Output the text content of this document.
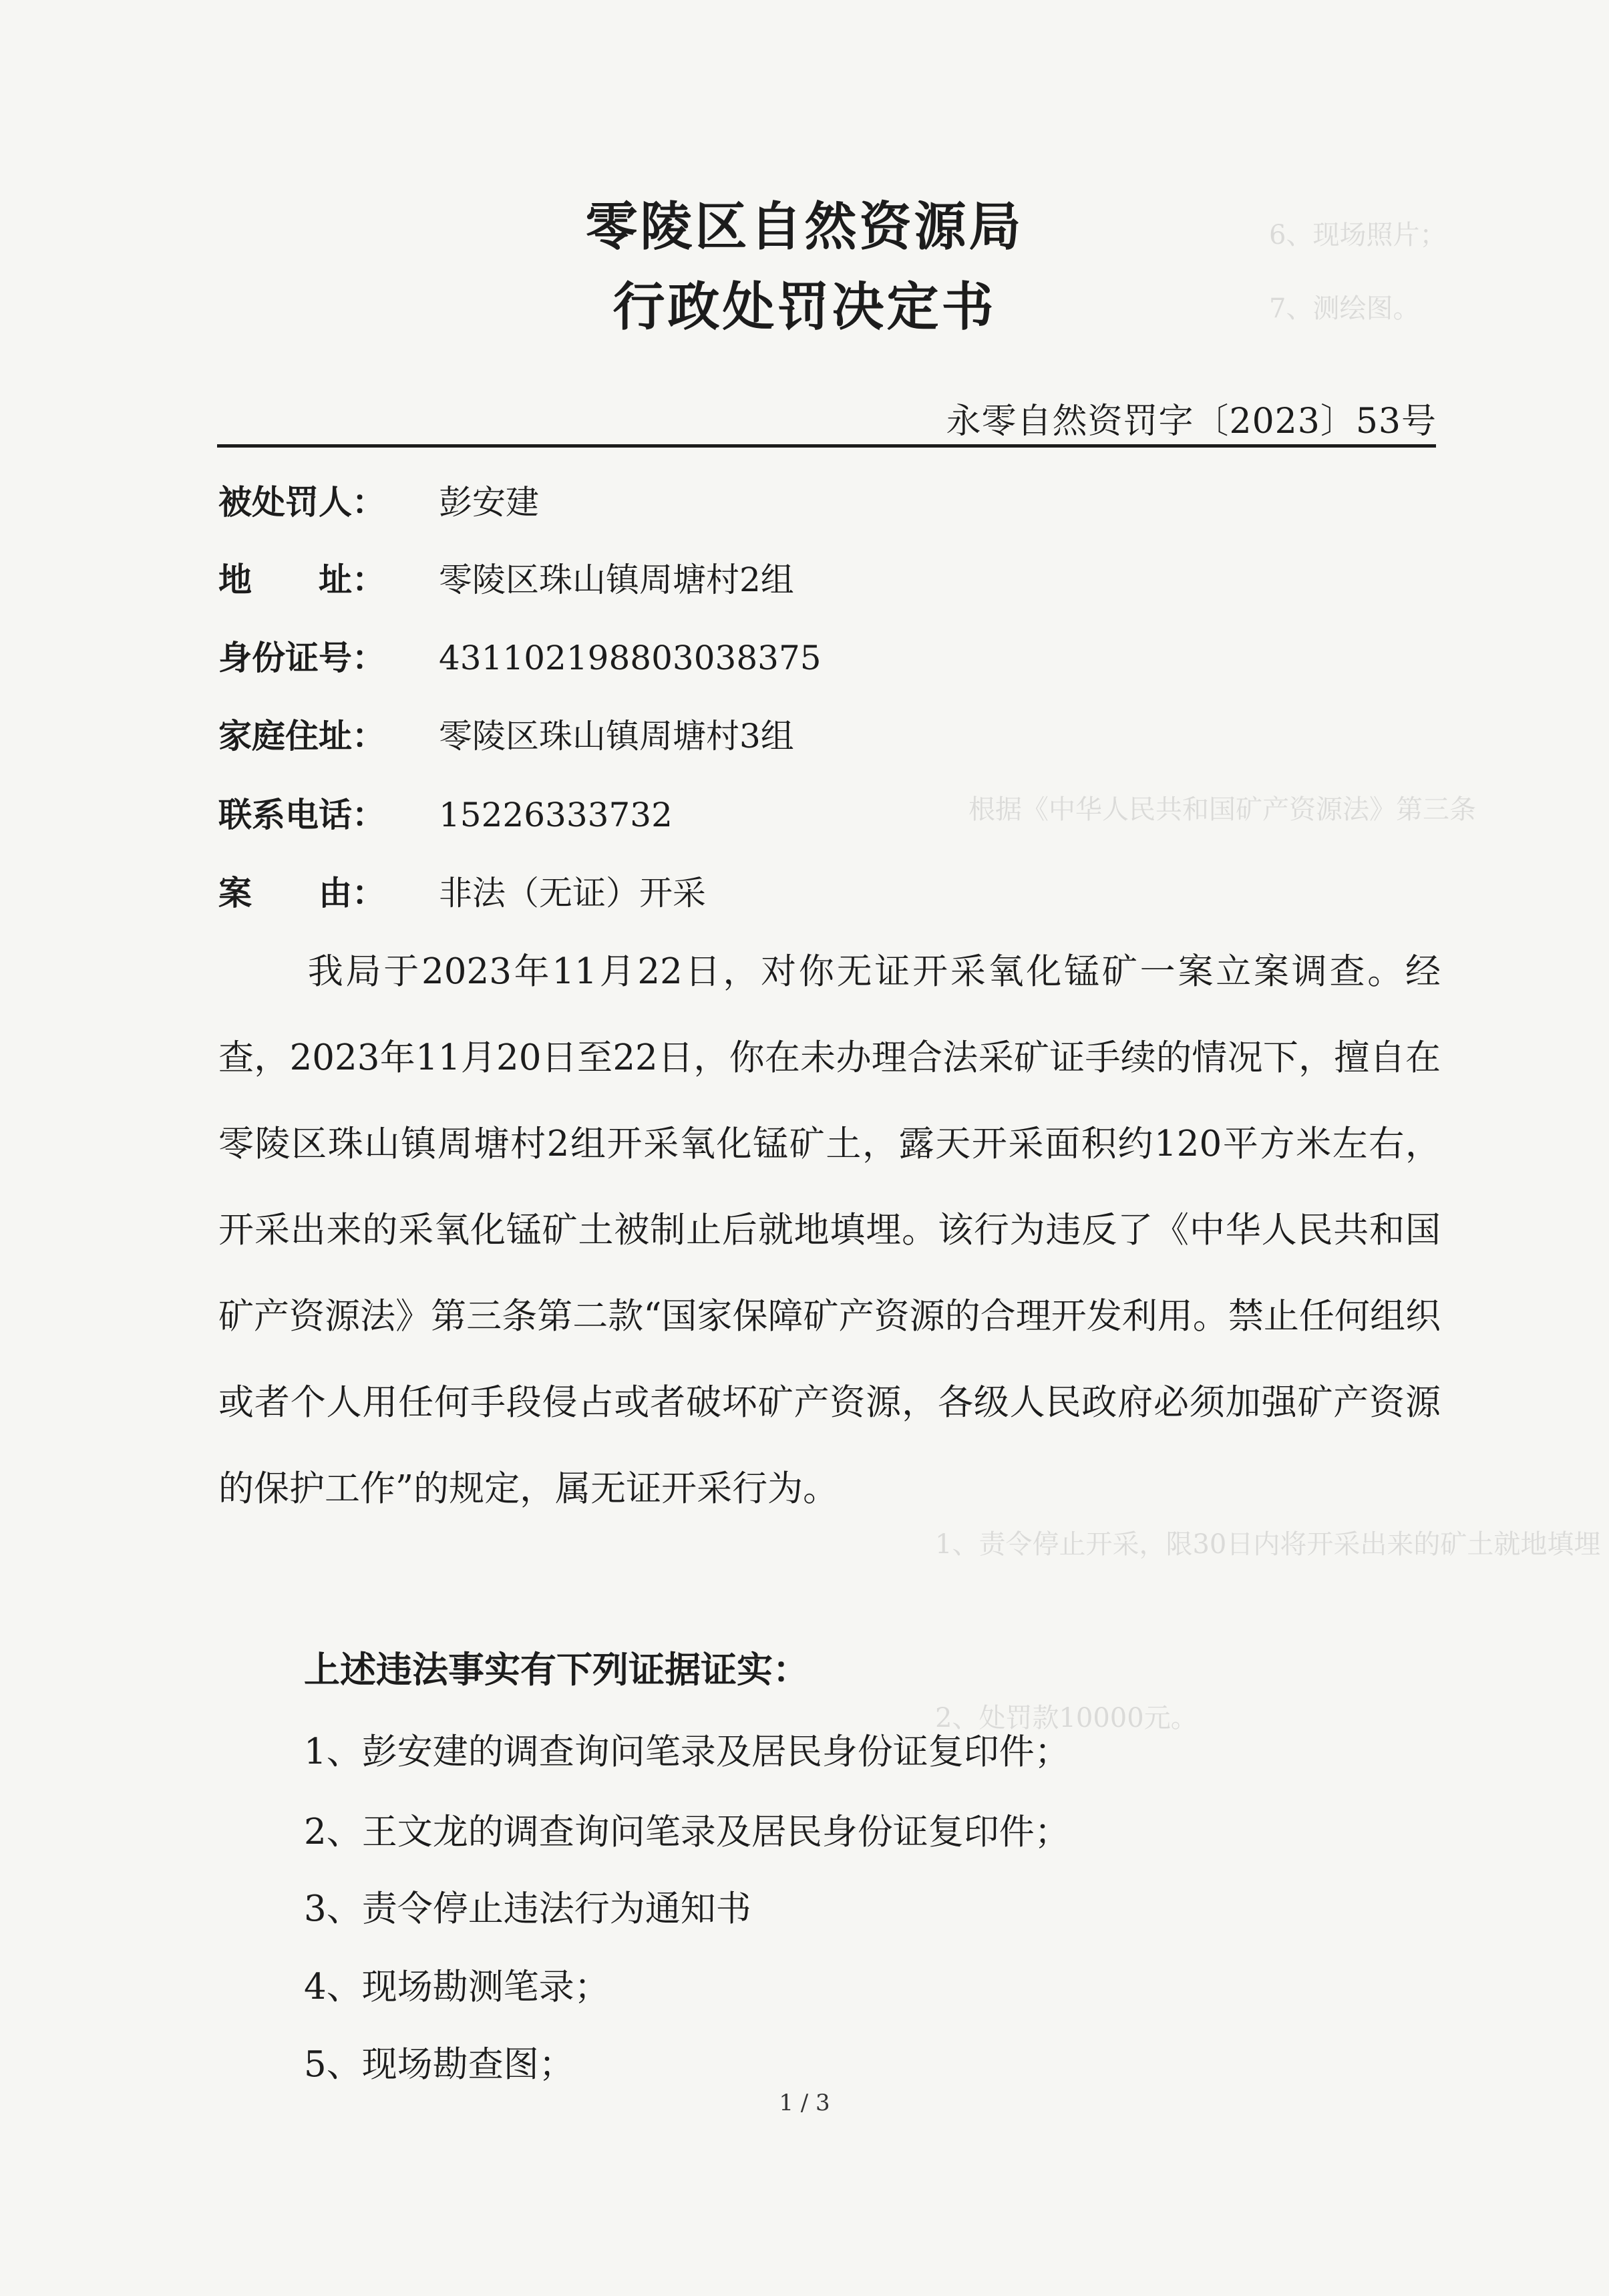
6、现场照片；
7、测绘图。
根据《中华人民共和国矿产资源法》第三条
1、责令停止开采，限30日内将开采出来的矿土就地填埋
2、处罚款10000元。
零陵区自然资源局
行政处罚决定书
永零自然资罚字〔2023〕53号
被处罚人： 彭安建
地　　址： 零陵区珠山镇周塘村2组
身份证号： 431102198803038375
家庭住址： 零陵区珠山镇周塘村3组
联系电话： 15226333732
案　　由： 非法（无证）开采
我局于2023年11月22日，对你无证开采氧化锰矿一案立案调查。经查，2023年11月20日至22日，你在未办理合法采矿证手续的情况下，擅自在零陵区珠山镇周塘村2组开采氧化锰矿土，露天开采面积约120平方米左右，开采出来的采氧化锰矿土被制止后就地填埋。该行为违反了《中华人民共和国矿产资源法》第三条第二款“国家保障矿产资源的合理开发利用。禁止任何组织或者个人用任何手段侵占或者破坏矿产资源，各级人民政府必须加强矿产资源的保护工作”的规定，属无证开采行为。
上述违法事实有下列证据证实：
1、彭安建的调查询问笔录及居民身份证复印件；
2、王文龙的调查询问笔录及居民身份证复印件；
3、责令停止违法行为通知书
4、现场勘测笔录；
5、现场勘查图；
1 / 3
